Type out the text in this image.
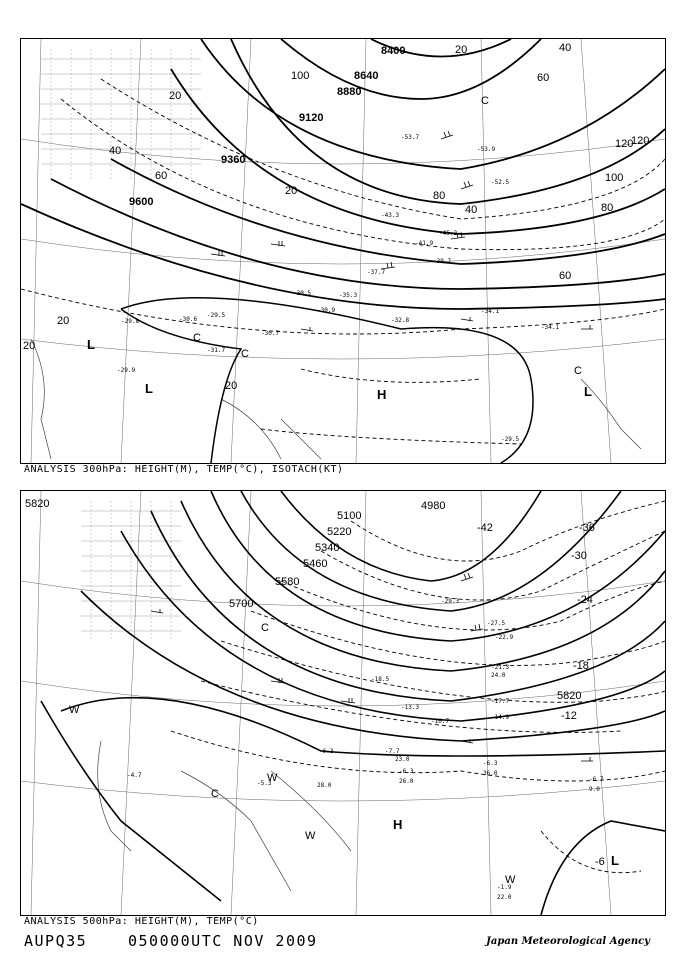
8400
8640
8880
9120
9360
9600
20	40
60
80
100
120
20
40
60
80
100
120
40
60
20
20
20
20
-53.7
-53.9
-52.5
-45.2
-43.3
-41.9
-39.7
-37.7
-35.3
-34.1
-34.1
-32.8
-30.9
-30.6
-30.5
-30.7
-29.8
-29.9
-29.5
-31.7
-29.5
C
C
C
C
L
L	L
H
ANALYSIS 300hPa: HEIGHT(M), TEMP(°C), ISOTACH(KT)
5820
5100
5220
5340
5460
5580
5700
5820
4980
-42	-36
-30
-24
-18
-12
-6
-29.3
-27.5
-22.9
-21.3
-18.5
-17.7
-14.9
-13.3
-10.7
-7.7
-6.3
-6.3
-6.7
-6.3
-5.3
-4.7
-1.9
23.0
24.0
26.0
28.0
36.0
9.0
22.0
C
C
W
W
W
W
H
L
ANALYSIS 500hPa: HEIGHT(M), TEMP(°C)
AUPQ35	050000UTC NOV 2009	Japan Meteorological Agency
